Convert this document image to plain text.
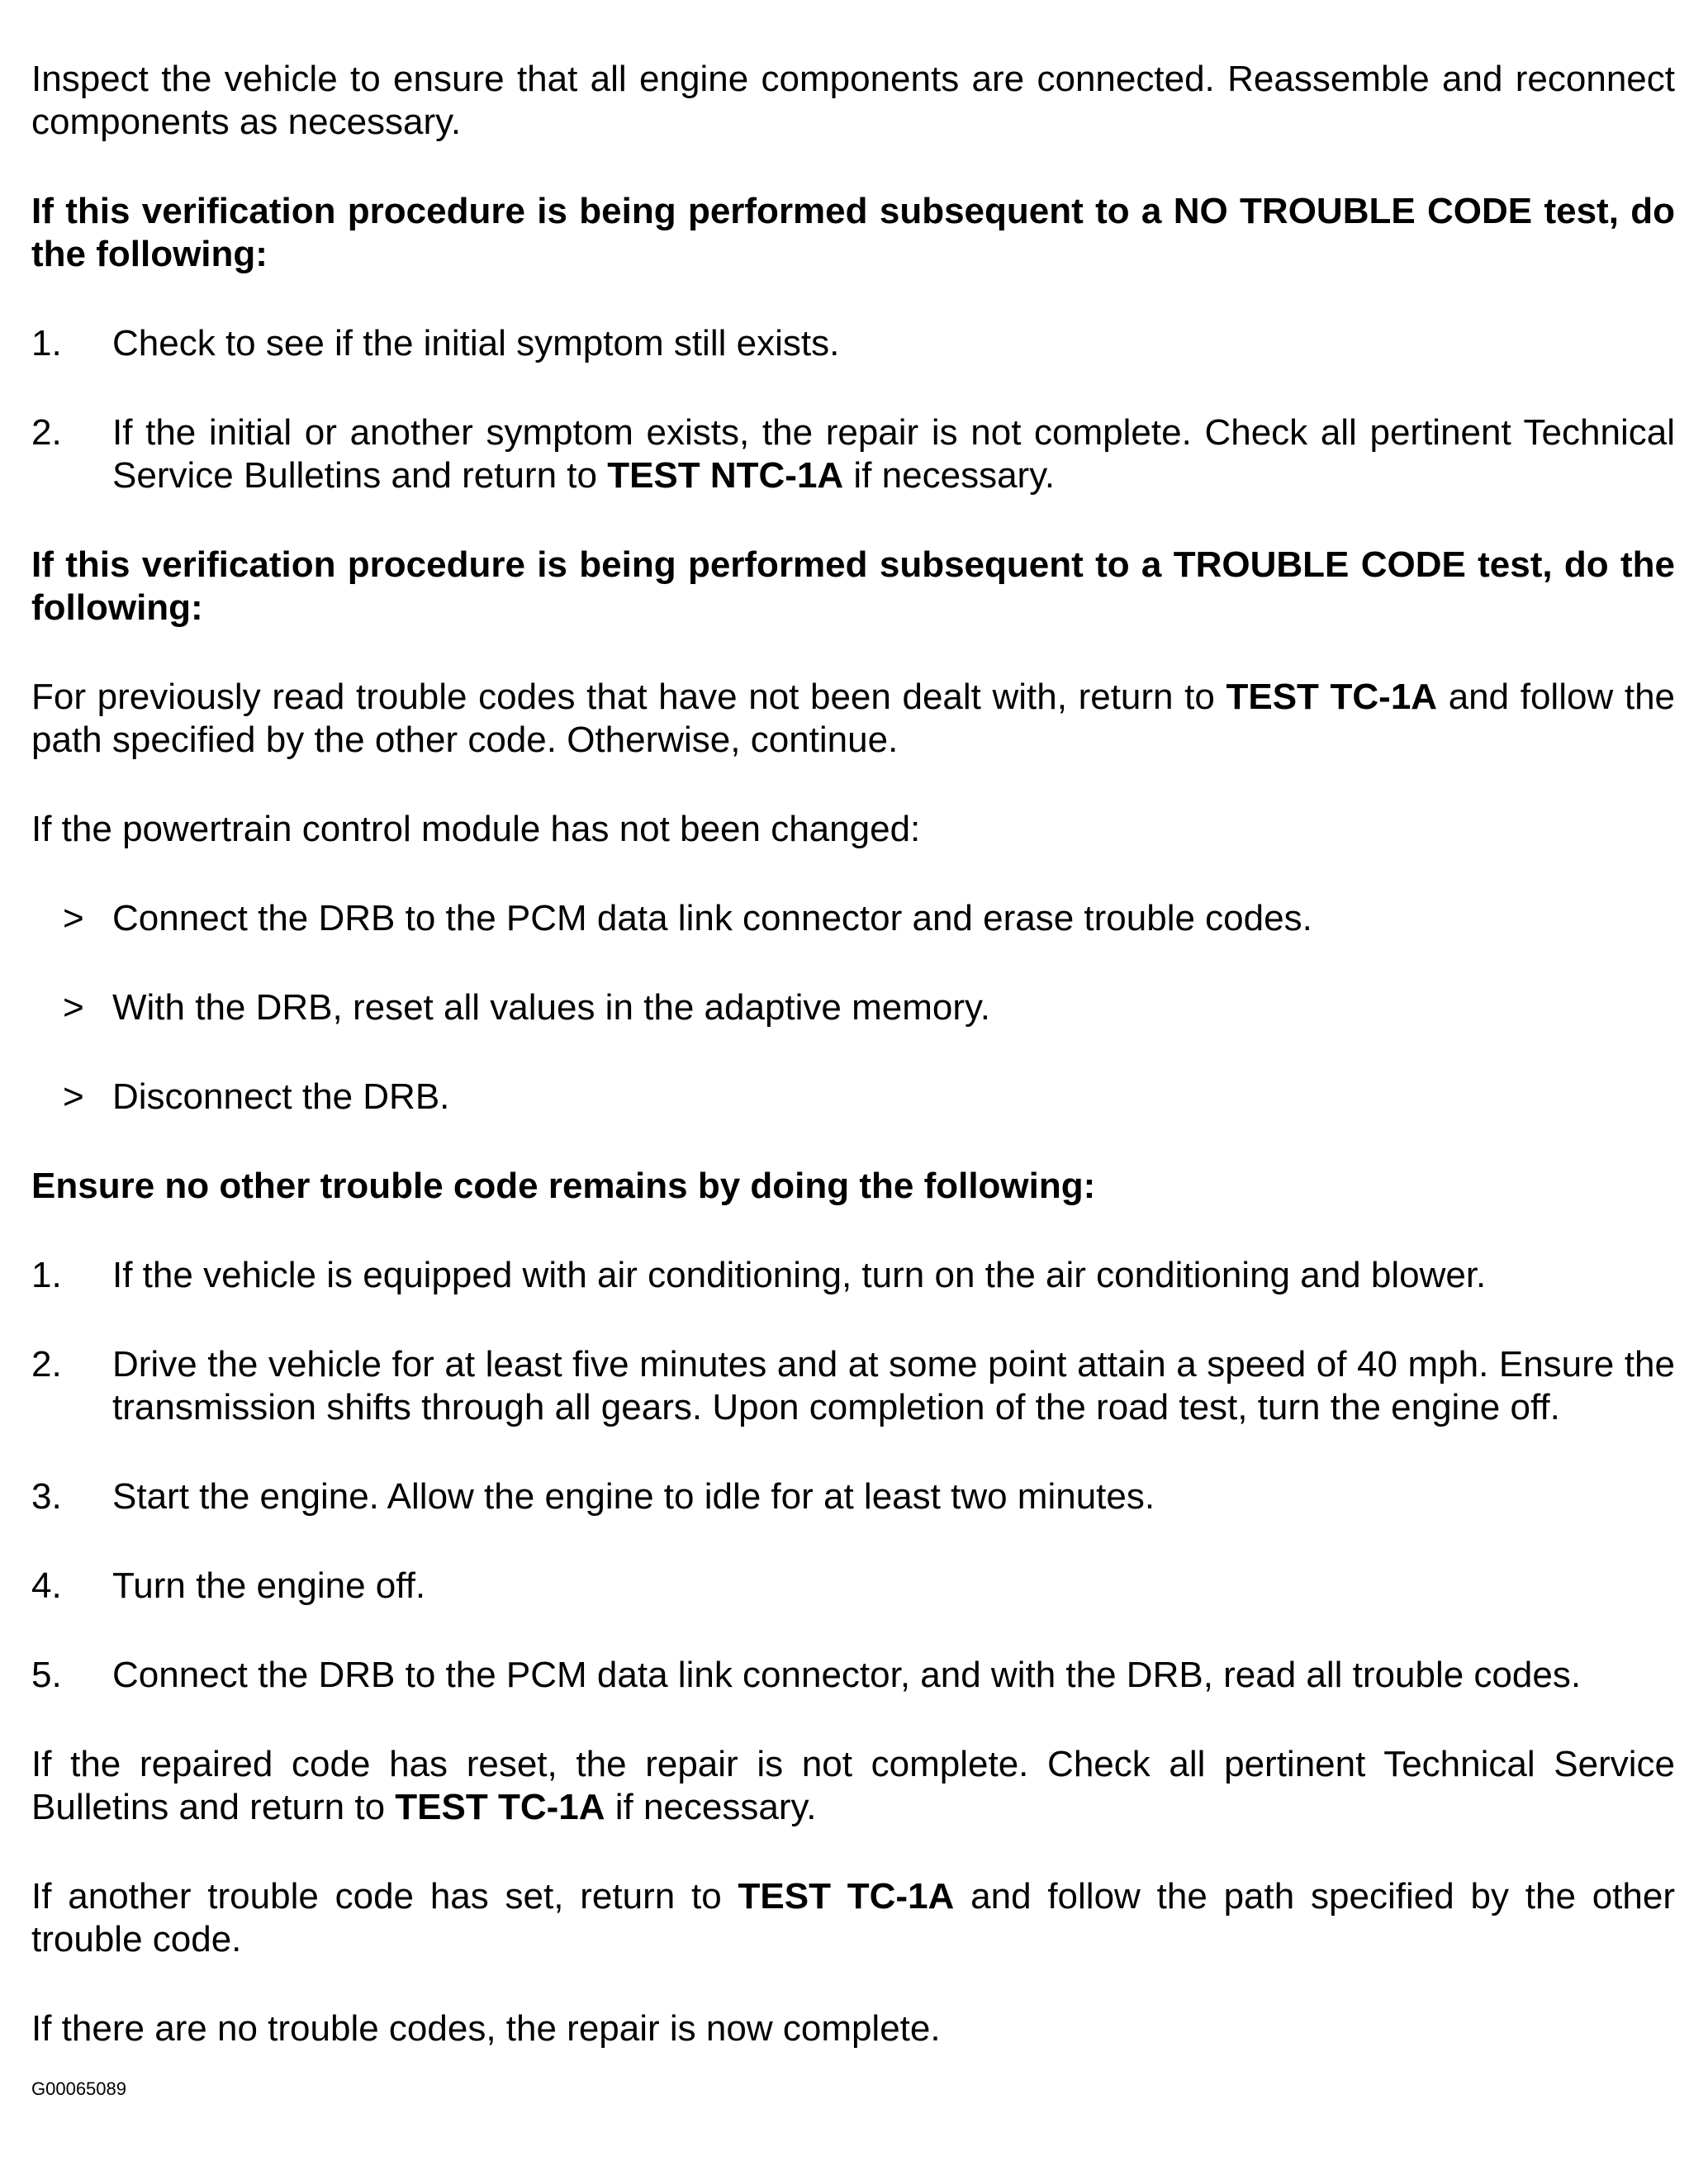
Inspect the vehicle to ensure that all engine components are connected. Reassemble and reconnect components as necessary.
If this verification procedure is being performed subsequent to a NO TROUBLE CODE test, do the following:
1. Check to see if the initial symptom still exists.
2. If the initial or another symptom exists, the repair is not complete. Check all pertinent Technical Service Bulletins and return to TEST NTC-1A if necessary.
If this verification procedure is being performed subsequent to a TROUBLE CODE test, do the following:
For previously read trouble codes that have not been dealt with, return to TEST TC-1A and follow the path specified by the other code. Otherwise, continue.
If the powertrain control module has not been changed:
> Connect the DRB to the PCM data link connector and erase trouble codes.
> With the DRB, reset all values in the adaptive memory.
> Disconnect the DRB.
Ensure no other trouble code remains by doing the following:
1. If the vehicle is equipped with air conditioning, turn on the air conditioning and blower.
2. Drive the vehicle for at least five minutes and at some point attain a speed of 40 mph. Ensure the transmission shifts through all gears. Upon completion of the road test, turn the engine off.
3. Start the engine. Allow the engine to idle for at least two minutes.
4. Turn the engine off.
5. Connect the DRB to the PCM data link connector, and with the DRB, read all trouble codes.
If the repaired code has reset, the repair is not complete. Check all pertinent Technical Service Bulletins and return to TEST TC-1A if necessary.
If another trouble code has set, return to TEST TC-1A and follow the path specified by the other trouble code.
If there are no trouble codes, the repair is now complete.
G00065089
